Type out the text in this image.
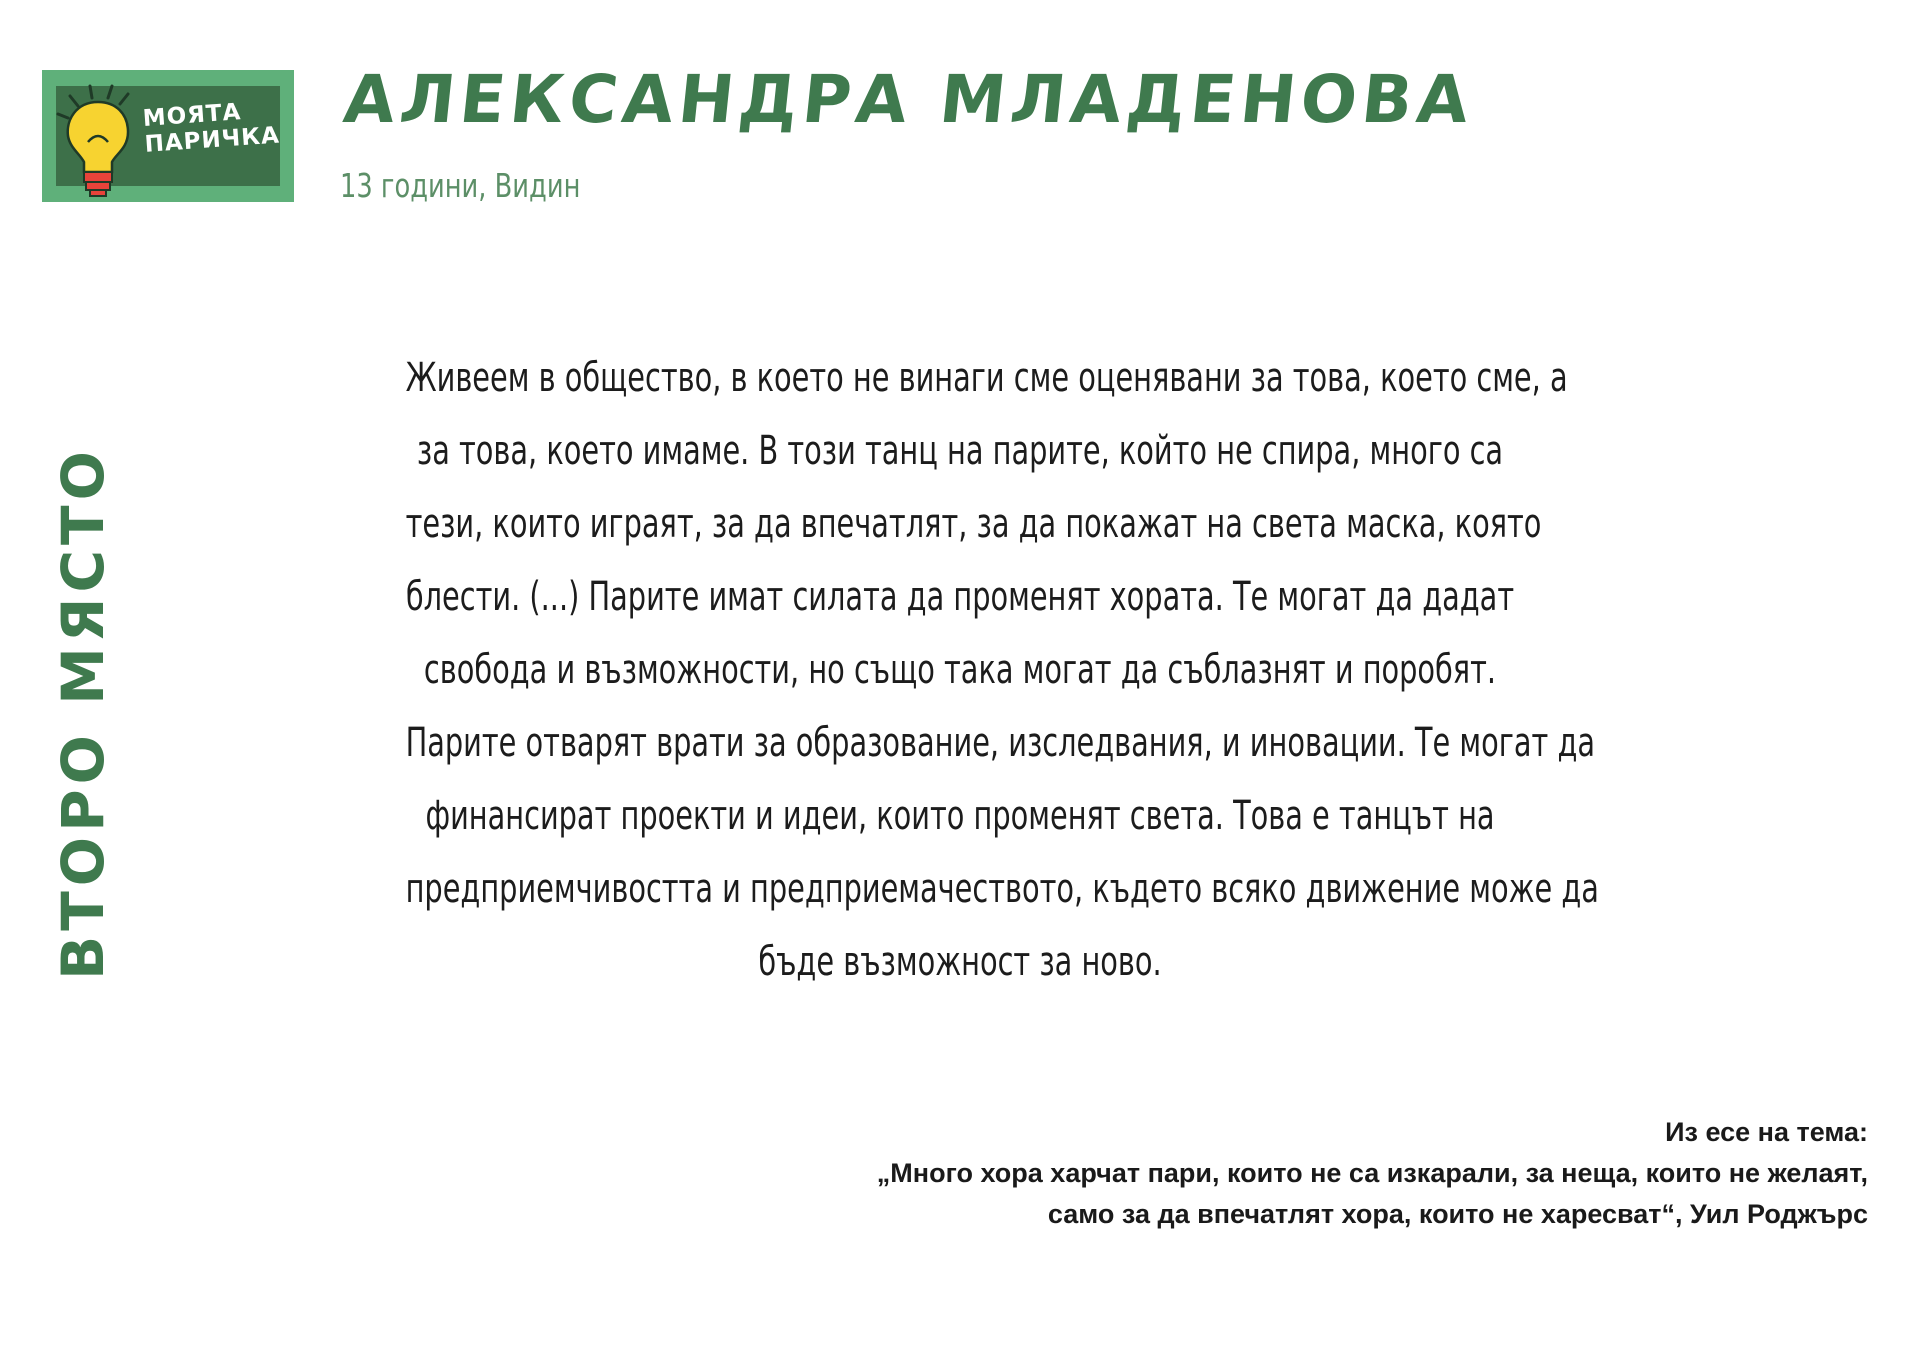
МОЯТА
ПАРИЧКА
АЛЕКСАНДРА МЛАДЕНОВА
13 години, Видин
ВТОРО МЯСТО
Живеем в общество, в което не винаги сме оценявани за това, което сме, а
за това, което имаме. В този танц на парите, който не спира, много са
тези, които играят, за да впечатлят, за да покажат на света маска, която
блести. (...) Парите имат силата да променят хората. Те могат да дадат
свобода и възможности, но също така могат да съблазнят и поробят.
Парите отварят врати за образование, изследвания, и иновации. Те могат да
финансират проекти и идеи, които променят света. Това е танцът на
предприемчивостта и предприемачеството, където всяко движение може да
бъде възможност за ново.
Из есе на тема:
„Много хора харчат пари, които не са изкарали, за неща, които не желаят,
само за да впечатлят хора, които не харесват“, Уил Роджърс
